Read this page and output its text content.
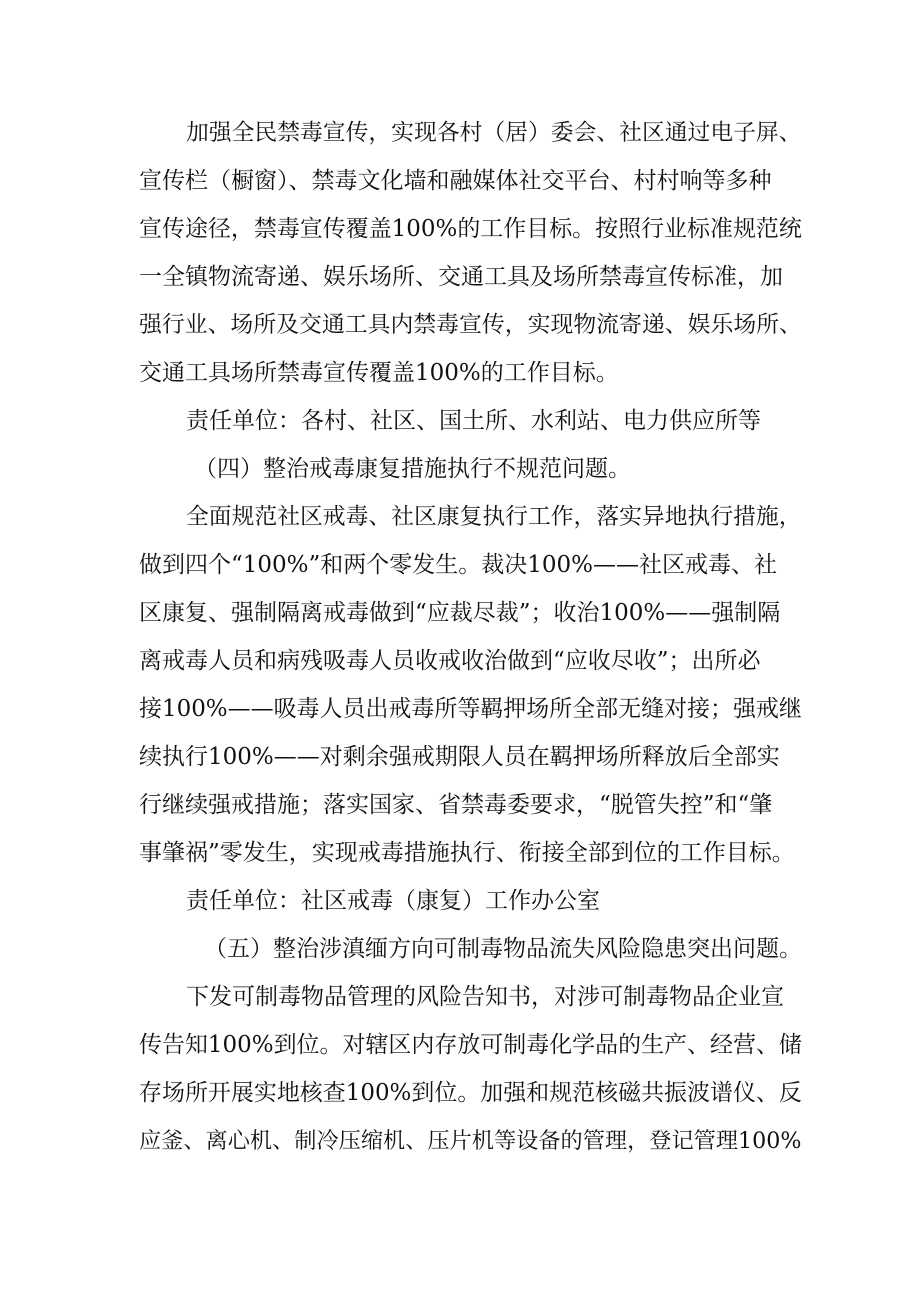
加强全民禁毒宣传，实现各村（居）委会、社区通过电子屏、
宣传栏（橱窗）、禁毒文化墙和融媒体社交平台、村村响等多种
宣传途径，禁毒宣传覆盖100%的工作目标。按照行业标准规范统
一全镇物流寄递、娱乐场所、交通工具及场所禁毒宣传标准，加
强行业、场所及交通工具内禁毒宣传，实现物流寄递、娱乐场所、
交通工具场所禁毒宣传覆盖100%的工作目标。
责任单位：各村、社区、国土所、水利站、电力供应所等
（四）整治戒毒康复措施执行不规范问题。
全面规范社区戒毒、社区康复执行工作，落实异地执行措施，
做到四个“100%”和两个零发生。裁决100%——社区戒毒、社
区康复、强制隔离戒毒做到“应裁尽裁”；收治100%——强制隔
离戒毒人员和病残吸毒人员收戒收治做到“应收尽收”；出所必
接100%——吸毒人员出戒毒所等羁押场所全部无缝对接；强戒继
续执行100%——对剩余强戒期限人员在羁押场所释放后全部实
行继续强戒措施；落实国家、省禁毒委要求，“脱管失控”和“肇
事肇祸”零发生，实现戒毒措施执行、衔接全部到位的工作目标。
责任单位：社区戒毒（康复）工作办公室
（五）整治涉滇缅方向可制毒物品流失风险隐患突出问题。
下发可制毒物品管理的风险告知书，对涉可制毒物品企业宣
传告知100%到位。对辖区内存放可制毒化学品的生产、经营、储
存场所开展实地核查100%到位。加强和规范核磁共振波谱仪、反
应釜、离心机、制冷压缩机、压片机等设备的管理，登记管理100%
